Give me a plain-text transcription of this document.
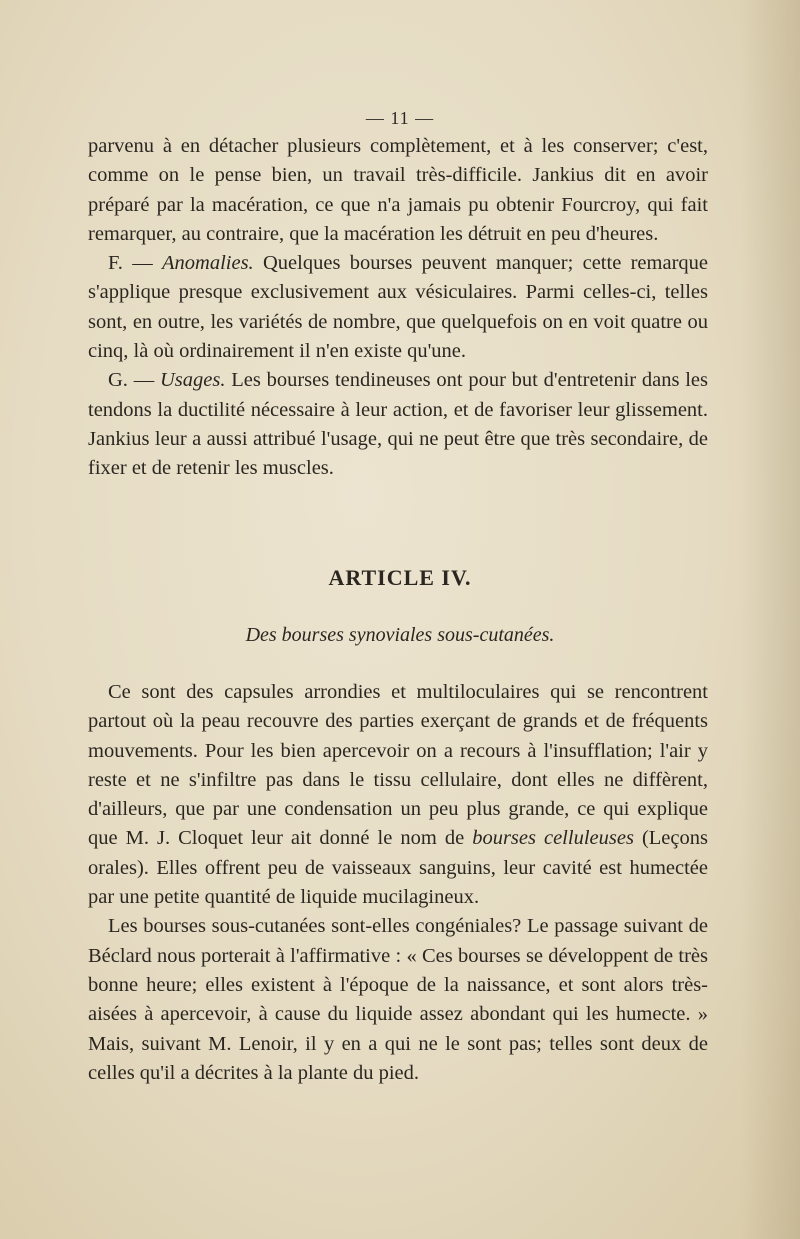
— 11 —

parvenu à en détacher plusieurs complètement, et à les conserver; c'est, comme on le pense bien, un travail très-difficile. Jankius dit en avoir préparé par la macération, ce que n'a jamais pu obtenir Fourcroy, qui fait remarquer, au contraire, que la macération les détruit en peu d'heures.

F. — Anomalies. Quelques bourses peuvent manquer; cette remarque s'applique presque exclusivement aux vésiculaires. Parmi celles-ci, telles sont, en outre, les variétés de nombre, que quelquefois on en voit quatre ou cinq, là où ordinairement il n'en existe qu'une.

G. — Usages. Les bourses tendineuses ont pour but d'entretenir dans les tendons la ductilité nécessaire à leur action, et de favoriser leur glissement. Jankius leur a aussi attribué l'usage, qui ne peut être que très secondaire, de fixer et de retenir les muscles.

ARTICLE IV.
Des bourses synoviales sous-cutanées.

Ce sont des capsules arrondies et multiloculaires qui se rencontrent partout où la peau recouvre des parties exerçant de grands et de fréquents mouvements. Pour les bien apercevoir on a recours à l'insufflation; l'air y reste et ne s'infiltre pas dans le tissu cellulaire, dont elles ne diffèrent, d'ailleurs, que par une condensation un peu plus grande, ce qui explique que M. J. Cloquet leur ait donné le nom de bourses celluleuses (Leçons orales). Elles offrent peu de vaisseaux sanguins, leur cavité est humectée par une petite quantité de liquide mucilagineux.

Les bourses sous-cutanées sont-elles congéniales? Le passage suivant de Béclard nous porterait à l'affirmative : « Ces bourses se développent de très bonne heure; elles existent à l'époque de la naissance, et sont alors très-aisées à apercevoir, à cause du liquide assez abondant qui les humecte. » Mais, suivant M. Lenoir, il y en a qui ne le sont pas; telles sont deux de celles qu'il a décrites à la plante du pied.
